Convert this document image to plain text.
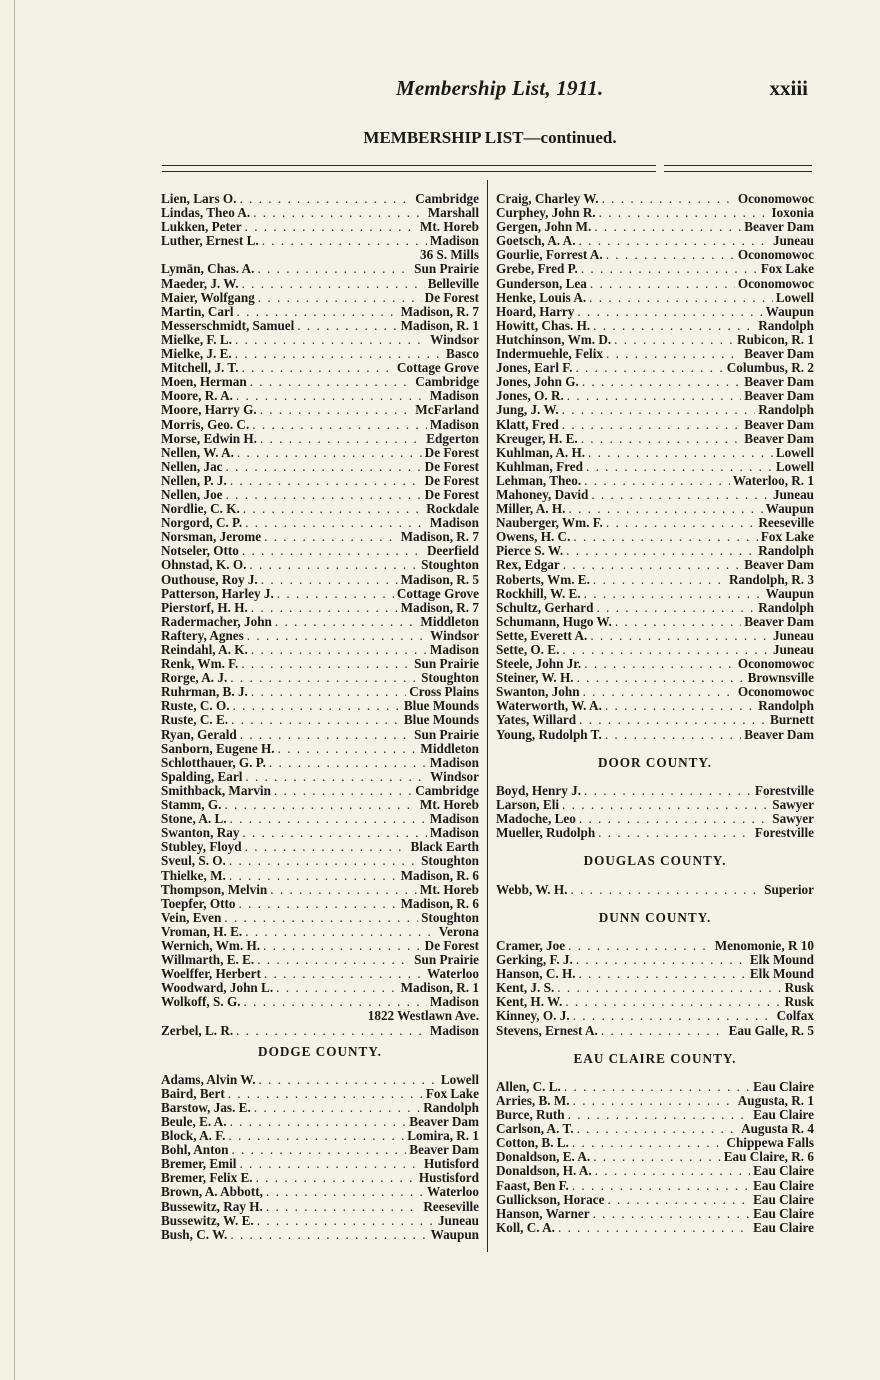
Membership List, 1911.	xxiii
MEMBERSHIP LIST—continued.
Lien, Lars O. . . .	Cambridge
Lindas, Theo A. . . .	Marshall
Lukken, Peter . . .	Mt. Horeb
Luther, Ernest L. . . .	Madison
36 S. Mills
Lymān, Chas. A. . . .	Sun Prairie
Maeder, J. W. . . .	Belleville
Maier, Wolfgang . . .	De Forest
Martin, Carl . . .	Madison, R. 7
Messerschmidt, Samuel . . .	Madison, R. 1
Mielke, F. L. . . .	Windsor
Mielke, J. E. . . .	Basco
Mitchell, J. T. . . .	Cottage Grove
Moen, Herman . . .	Cambridge
Moore, R. A. . . .	Madison
Moore, Harry G. . . .	McFarland
Morris, Geo. C. . . .	Madison
Morse, Edwin H. . . .	Edgerton
Nellen, W. A. . . .	De Forest
Nellen, Jac . . .	De Forest
Nellen, P. J. . . .	De Forest
Nellen, Joe . . .	De Forest
Nordlie, C. K. . . .	Rockdale
Norgord, C. P. . . .	Madison
Norsman, Jerome . . .	Madison, R. 7
Notseler, Otto . . .	Deerfield
Ohnstad, K. O. . . .	Stoughton
Outhouse, Roy J. . . .	Madison, R. 5
Patterson, Harley J. . . .	Cottage Grove
Pierstorf, H. H. . . .	Madison, R. 7
Radermacher, John . . .	Middleton
Raftery, Agnes . . .	Windsor
Reindahl, A. K. . . .	Madison
Renk, Wm. F. . . .	Sun Prairie
Rorge, A. J. . . .	Stoughton
Ruhrman, B. J. . . .	Cross Plains
Ruste, C. O. . . .	Blue Mounds
Ruste, C. E. . . .	Blue Mounds
Ryan, Gerald . . .	Sun Prairie
Sanborn, Eugene H. . . .	Middleton
Schlotthauer, G. P. . . .	Madison
Spalding, Earl . . .	Windsor
Smithback, Marvin . . .	Cambridge
Stamm, G. . . .	Mt. Horeb
Stone, A. L. . . .	Madison
Swanton, Ray . . .	Madison
Stubley, Floyd . . .	Black Earth
Sveul, S. O. . . .	Stoughton
Thielke, M. . . .	Madison, R. 6
Thompson, Melvin . . .	Mt. Horeb
Toepfer, Otto . . .	Madison, R. 6
Vein, Even . . .	Stoughton
Vroman, H. E. . . .	Verona
Wernich, Wm. H. . . .	De Forest
Willmarth, E. E. . . .	Sun Prairie
Woelffer, Herbert . . .	Waterloo
Woodward, John L. . . .	Madison, R. 1
Wolkoff, S. G. . . .	Madison
1822 Westlawn Ave.
Zerbel, L. R. . . .	Madison
DODGE COUNTY.
Adams, Alvin W. . . .	Lowell
Baird, Bert . . .	Fox Lake
Barstow, Jas. E. . . .	Randolph
Beule, E. A. . . .	Beaver Dam
Block, A. F. . . .	Lomira, R. 1
Bohl, Anton . . .	Beaver Dam
Bremer, Emil . . .	Hutisford
Bremer, Felix E. . . .	Hustisford
Brown, A. Abbott, . . .	Waterloo
Bussewitz, Ray H. . . .	Reeseville
Bussewitz, W. E. . . .	Juneau
Bush, C. W. . . .	Waupun
Craig, Charley W. . . .	Oconomowoc
Curphey, John R. . . .	Ioxonia
Gergen, John M. . . .	Beaver Dam
Goetsch, A. A. . . .	Juneau
Gourlie, Forrest A. . . .	Oconomowoc
Grebe, Fred P. . . .	Fox Lake
Gunderson, Lea . . .	Oconomowoc
Henke, Louis A. . . .	Lowell
Hoard, Harry . . .	Waupun
Howitt, Chas. H. . . .	Randolph
Hutchinson, Wm. D. . . .	Rubicon, R. 1
Indermuehle, Felix . . .	Beaver Dam
Jones, Earl F. . . .	Columbus, R. 2
Jones, John G. . . .	Beaver Dam
Jones, O. R. . . .	Beaver Dam
Jung, J. W. . . .	Randolph
Klatt, Fred . . .	Beaver Dam
Kreuger, H. E. . . .	Beaver Dam
Kuhlman, A. H. . . .	Lowell
Kuhlman, Fred . . .	Lowell
Lehman, Theo. . . .	Waterloo, R. 1
Mahoney, David . . .	Juneau
Miller, A. H. . . .	Waupun
Nauberger, Wm. F. . . .	Reeseville
Owens, H. C. . . .	Fox Lake
Pierce S. W. . . .	Randolph
Rex, Edgar . . .	Beaver Dam
Roberts, Wm. E. . . .	Randolph, R. 3
Rockhill, W. E. . . .	Waupun
Schultz, Gerhard . . .	Randolph
Schumann, Hugo W. . . .	Beaver Dam
Sette, Everett A. . . .	Juneau
Sette, O. E. . . .	Juneau
Steele, John Jr. . . .	Oconomowoc
Steiner, W. H. . . .	Brownsville
Swanton, John . . .	Oconomowoc
Waterworth, W. A. . . .	Randolph
Yates, Willard . . .	Burnett
Young, Rudolph T. . . .	Beaver Dam
DOOR COUNTY.
Boyd, Henry J. . . .	Forestville
Larson, Eli . . .	Sawyer
Madoche, Leo . . .	Sawyer
Mueller, Rudolph . . .	Forestville
DOUGLAS COUNTY.
Webb, W. H. . . .	Superior
DUNN COUNTY.
Cramer, Joe . . .	Menomonie, R 10
Gerking, F. J. . . .	Elk Mound
Hanson, C. H. . . .	Elk Mound
Kent, J. S. . . .	Rusk
Kent, H. W. . . .	Rusk
Kinney, O. J. . . .	Colfax
Stevens, Ernest A. . . .	Eau Galle, R. 5
EAU CLAIRE COUNTY.
Allen, C. L. . . .	Eau Claire
Arries, B. M. . . .	Augusta, R. 1
Burce, Ruth . . .	Eau Claire
Carlson, A. T. . . .	Augusta R. 4
Cotton, B. L. . . .	Chippewa Falls
Donaldson, E. A. . . .	Eau Claire, R. 6
Donaldson, H. A. . . .	Eau Claire
Faast, Ben F. . . .	Eau Claire
Gullickson, Horace . . .	Eau Claire
Hanson, Warner . . .	Eau Claire
Koll, C. A. . . .	Eau Claire
